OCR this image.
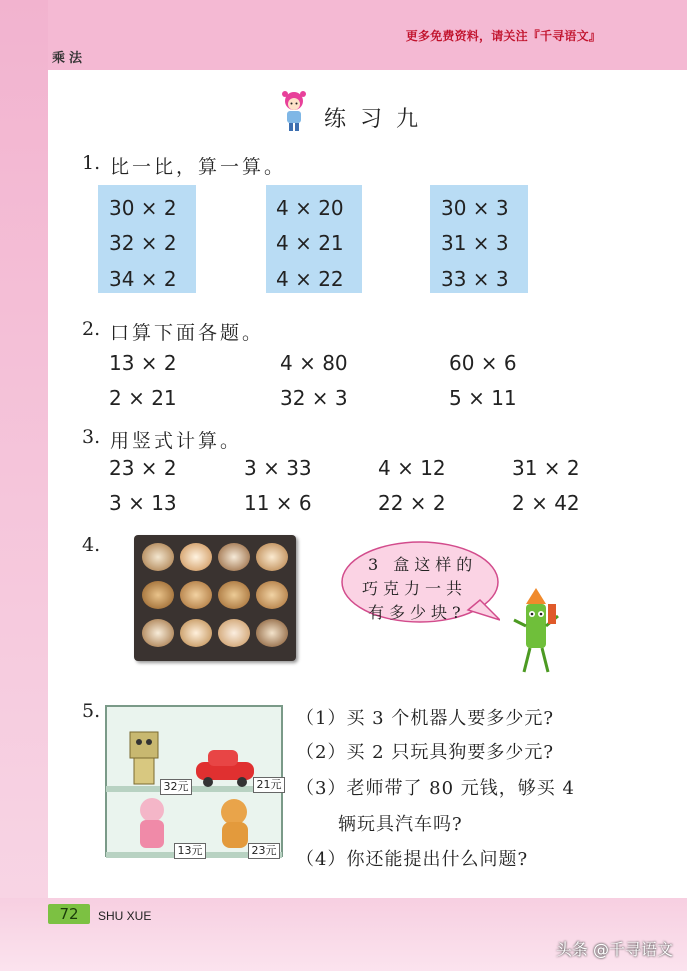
更多免费资料，请关注『千寻语文』
乘法
练习九
1. 比一比，算一算。
30 × 2
32 × 2
34 × 2
4 × 20
4 × 21
4 × 22
30 × 3
31 × 3
33 × 3
2. 口算下面各题。
13 × 2	4 × 80	60 × 6
2 × 21	32 × 3	5 × 11
3. 用竖式计算。
23 × 2	3 × 33	4 × 12	31 × 2
3 × 13	11 × 6	22 × 2	2 × 42
4.
3 盒这样的
巧克力一共
有多少块?
5.
32元	21元
13元	23元
（1）买 3 个机器人要多少元?
（2）买 2 只玩具狗要多少元?
（3）老师带了 80 元钱，够买 4
辆玩具汽车吗?
（4）你还能提出什么问题?
72	SHU XUE
头条 @千寻语文
